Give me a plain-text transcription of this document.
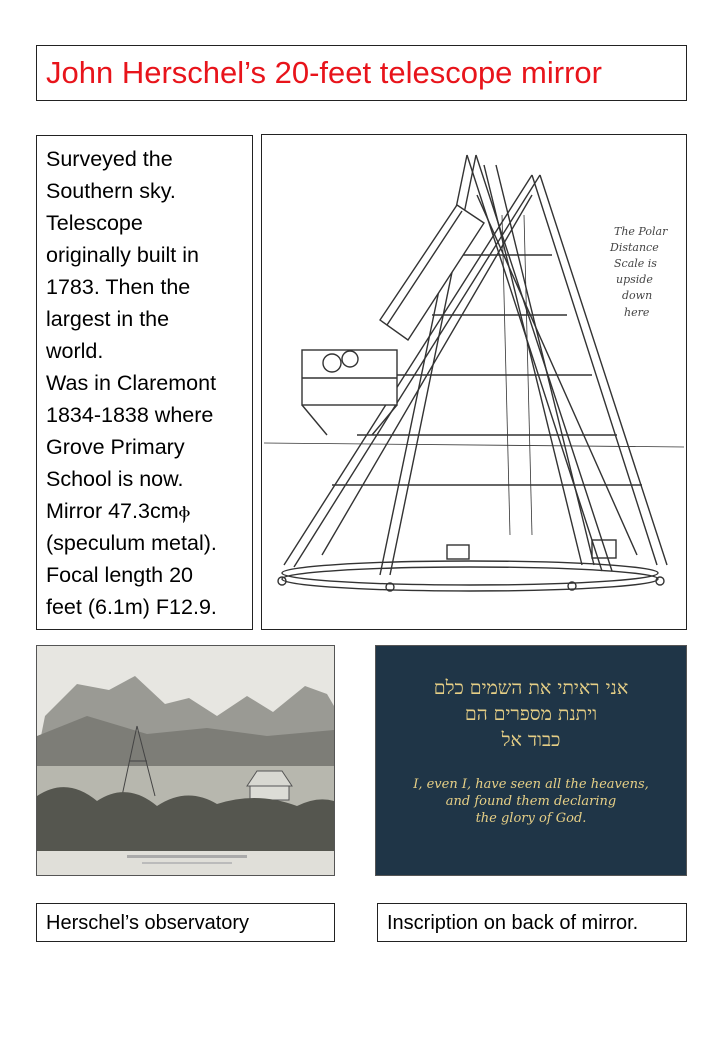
John Herschel’s 20-feet telescope mirror
Surveyed the
Southern sky.
Telescope
originally built in
1783. Then the
largest in the
world.
Was in Claremont
1834-1838 where
Grove Primary
School is now.
Mirror 47.3cmⲫ
(speculum metal).
Focal length 20
feet (6.1m) F12.9.
The Polar
Distance
Scale is
upside
down
here
אני ראיתי את השמים כלם
ויתנת מספרים הם
כבוד אל
I, even I, have seen all the heavens,
and found them declaring
the glory of God.
Herschel’s observatory	Inscription on back of mirror.
